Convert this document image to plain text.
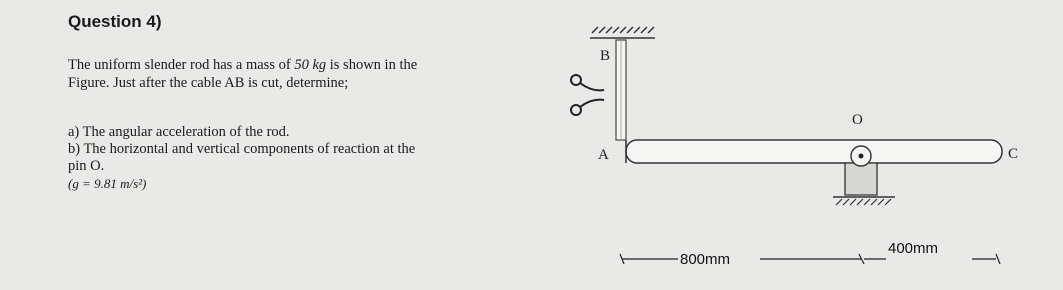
Question 4)
The uniform slender rod has a mass of 50 kg is shown in the
Figure. Just after the cable AB is cut, determine;
a) The angular acceleration of the rod.
b) The horizontal and vertical components of reaction at the
pin O.
(g = 9.81 m/s²)
B
A
O
C
800mm
400mm
